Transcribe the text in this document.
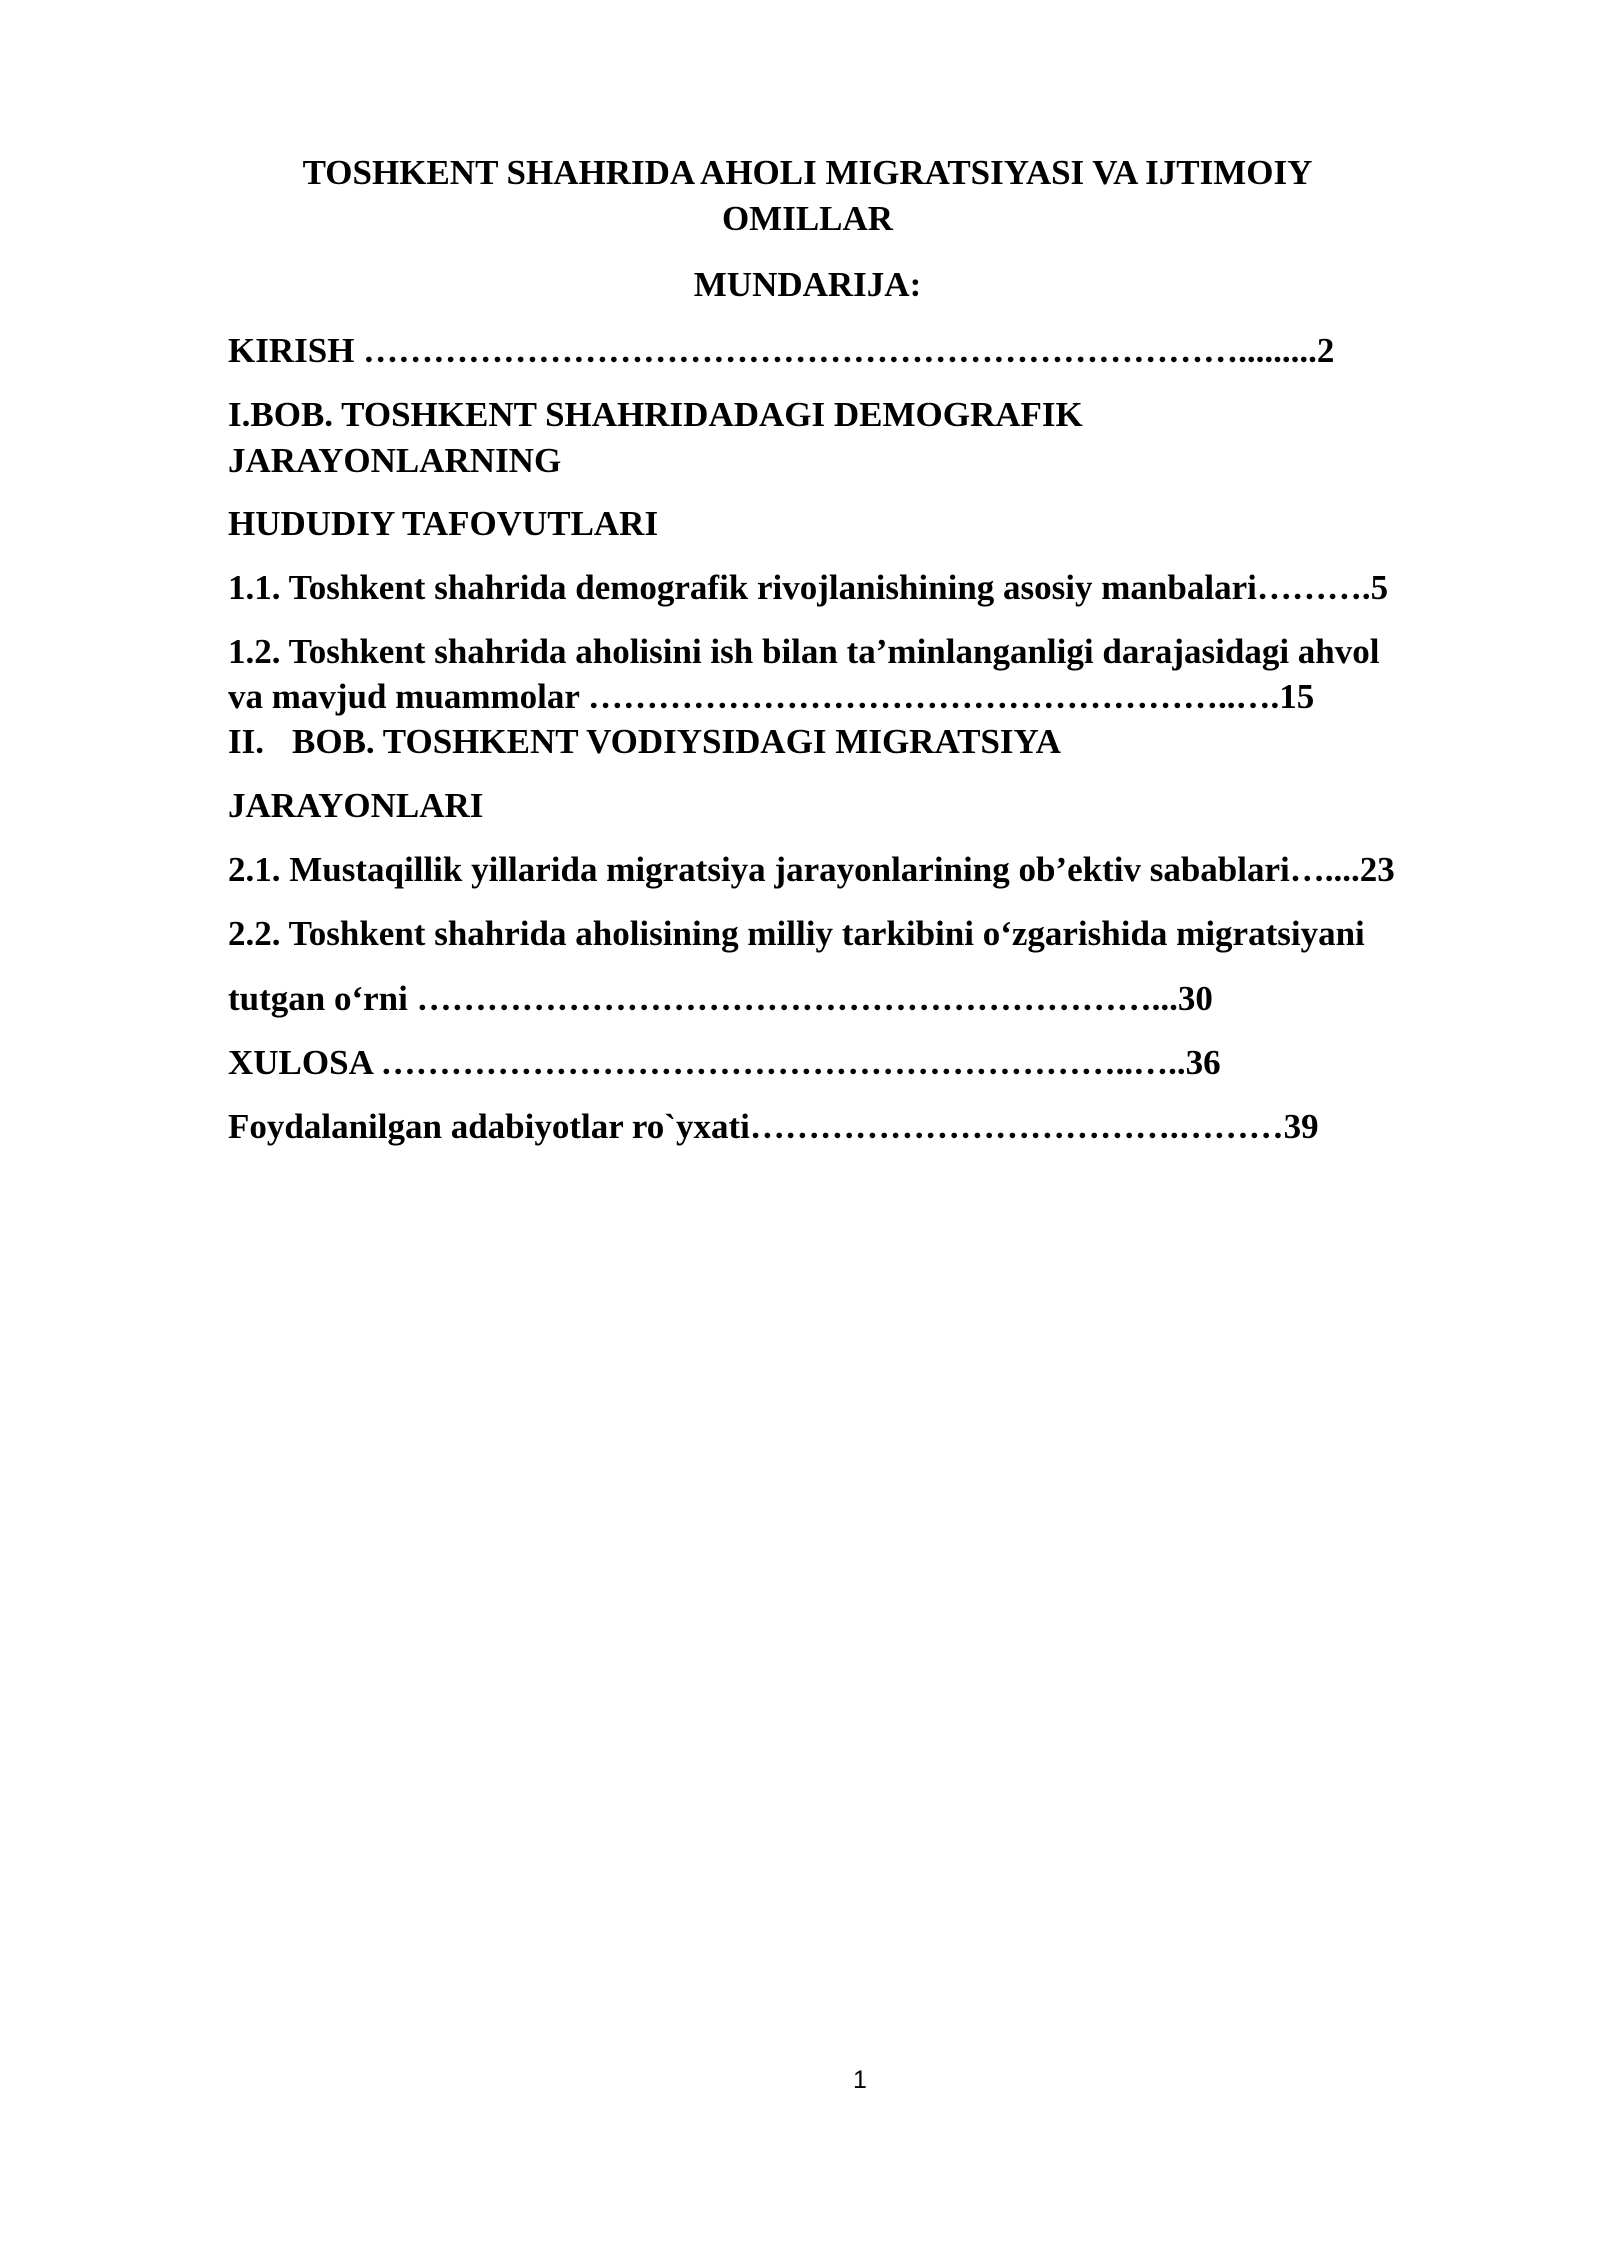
TOSHKENT SHAHRIDA AHOLI MIGRATSIYASI VA IJTIMOIY OMILLAR
MUNDARIJA:
KIRISH ………………………………………………………………….........2
I.BOB. TOSHKENT SHAHRIDADAGI DEMOGRAFIK
JARAYONLARNING
HUDUDIY TAFOVUTLARI
1.1. Toshkent shahrida demografik rivojlanishining asosiy manbalari……….5
1.2. Toshkent shahrida aholisini ish bilan ta’minlanganligi darajasidagi ahvol
va mavjud muammolar ………………………………………………..….15
II. BOB. TOSHKENT VODIYSIDAGI MIGRATSIYA
JARAYONLARI
2.1. Mustaqillik yillarida migratsiya jarayonlarining ob’ektiv sabablari…....23
2.2. Toshkent shahrida aholisining milliy tarkibini o‘zgarishida migratsiyani
tutgan o‘rni ………………………………………………………...30
XULOSA ………………………………………………………..…..36
Foydalanilgan adabiyotlar ro`yxati……………………………….………39
1
